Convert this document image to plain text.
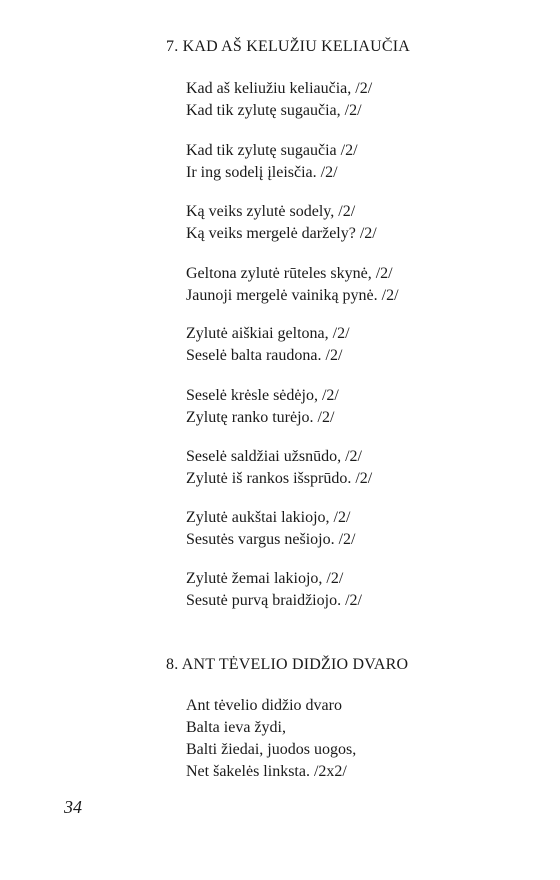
7. KAD AŠ KELUŽIU KELIAUČIA
Kad aš keliužiu keliaučia, /2/
Kad tik zylutę sugaučia, /2/
Kad tik zylutę sugaučia /2/
Ir ing sodelį įleisčia. /2/
Ką veiks zylutė sodely, /2/
Ką veiks mergelė daržely? /2/
Geltona zylutė rūteles skynė, /2/
Jaunoji mergelė vainiką pynė. /2/
Zylutė aiškiai geltona, /2/
Seselė balta raudona. /2/
Seselė krėsle sėdėjo, /2/
Zylutę ranko turėjo. /2/
Seselė saldžiai užsnūdo, /2/
Zylutė iš rankos išsprūdo. /2/
Zylutė aukštai lakiojo, /2/
Sesutės vargus nešiojo. /2/
Zylutė žemai lakiojo, /2/
Sesutė purvą braidžiojo. /2/
8. ANT TĖVELIO DIDŽIO DVARO
Ant tėvelio didžio dvaro
Balta ieva žydi,
Balti žiedai, juodos uogos,
Net šakelės linksta. /2x2/
34
